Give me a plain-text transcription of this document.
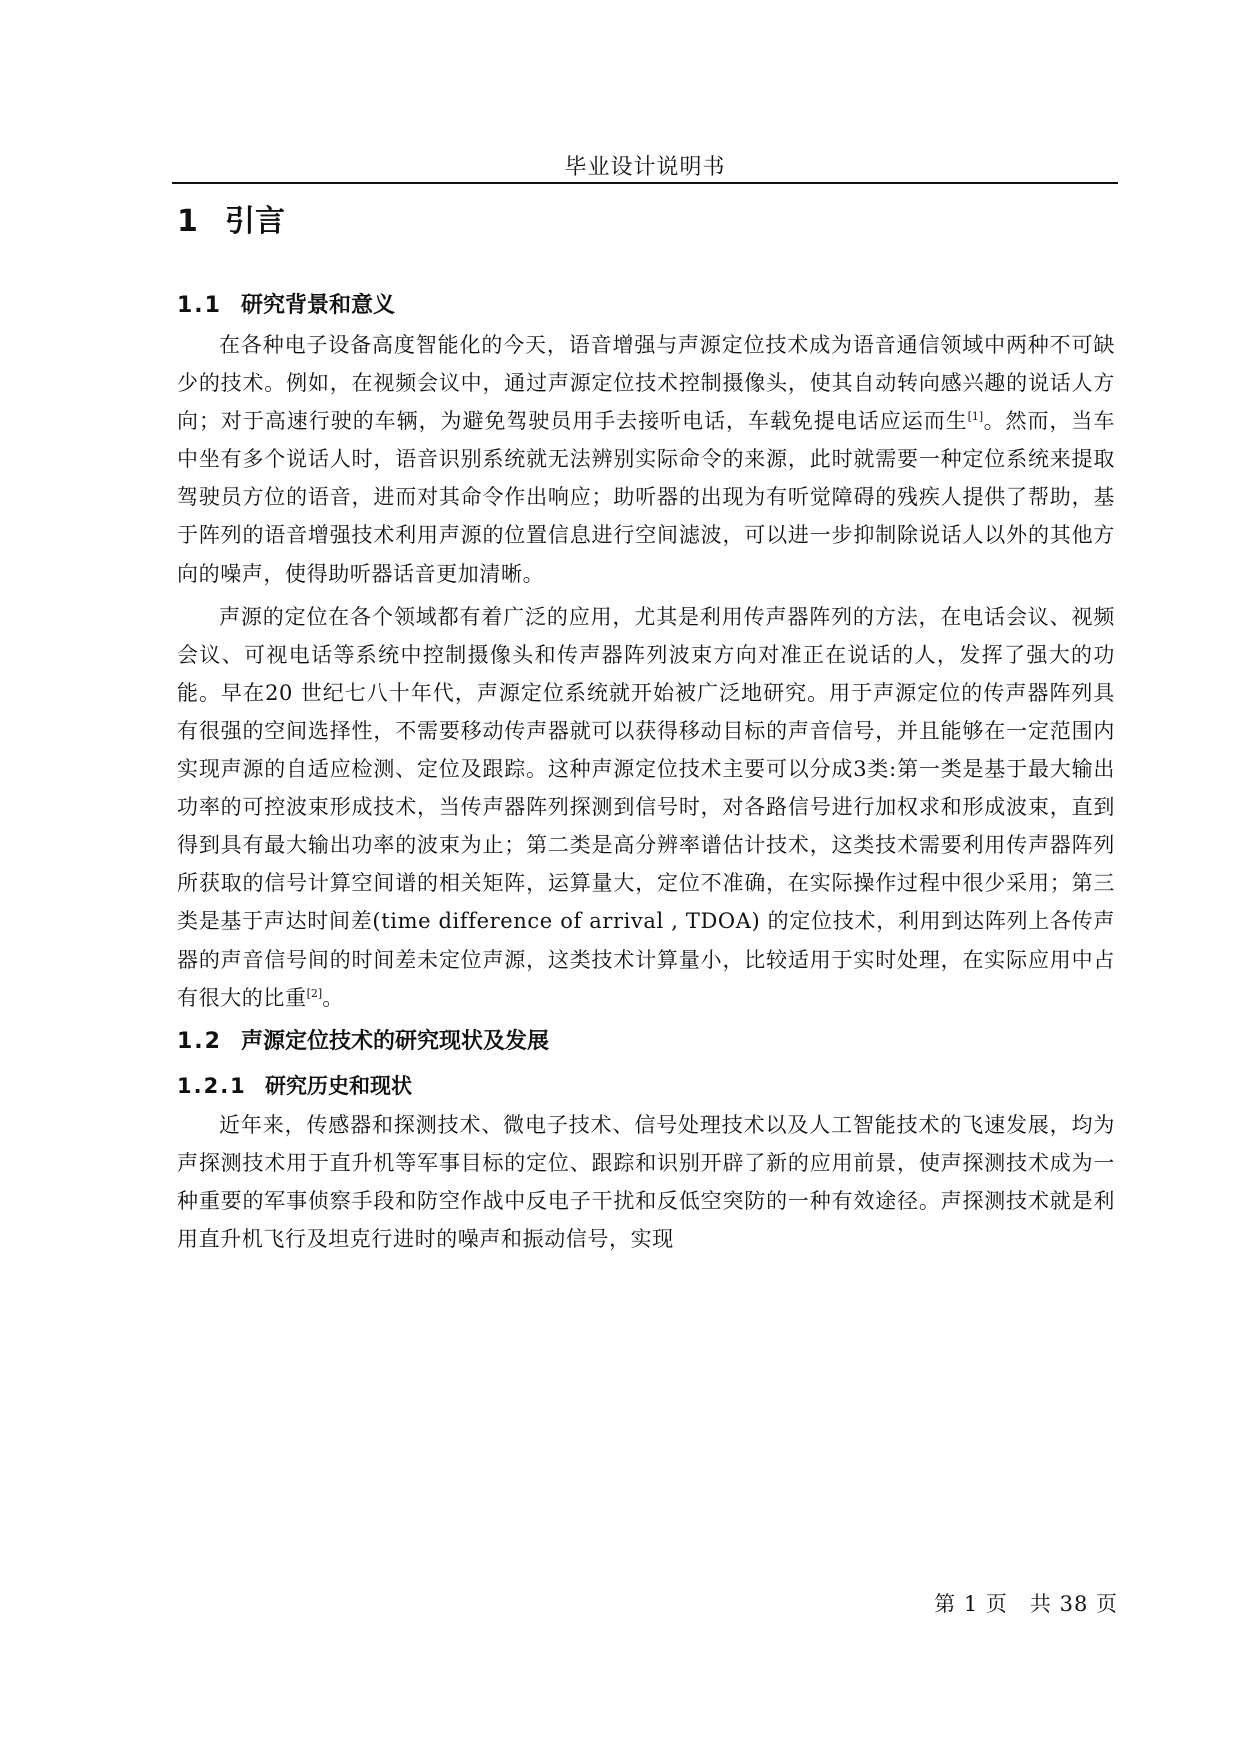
毕业设计说明书
1 引言
1.1 研究背景和意义

在各种电子设备高度智能化的今天，语音增强与声源定位技术成为语音通信领域中两种不可缺少的技术。例如，在视频会议中，通过声源定位技术控制摄像头，使其自动转向感兴趣的说话人方向；对于高速行驶的车辆，为避免驾驶员用手去接听电话，车载免提电话应运而生[1]。然而，当车中坐有多个说话人时，语音识别系统就无法辨别实际命令的来源，此时就需要一种定位系统来提取驾驶员方位的语音，进而对其命令作出响应；助听器的出现为有听觉障碍的残疾人提供了帮助，基于阵列的语音增强技术利用声源的位置信息进行空间滤波，可以进一步抑制除说话人以外的其他方向的噪声，使得助听器话音更加清晰。

声源的定位在各个领域都有着广泛的应用，尤其是利用传声器阵列的方法，在电话会议、视频会议、可视电话等系统中控制摄像头和传声器阵列波束方向对准正在说话的人，发挥了强大的功能。早在20 世纪七八十年代，声源定位系统就开始被广泛地研究。用于声源定位的传声器阵列具有很强的空间选择性，不需要移动传声器就可以获得移动目标的声音信号，并且能够在一定范围内实现声源的自适应检测、定位及跟踪。这种声源定位技术主要可以分成3类:第一类是基于最大输出功率的可控波束形成技术，当传声器阵列探测到信号时，对各路信号进行加权求和形成波束，直到得到具有最大输出功率的波束为止；第二类是高分辨率谱估计技术，这类技术需要利用传声器阵列所获取的信号计算空间谱的相关矩阵，运算量大，定位不准确，在实际操作过程中很少采用；第三类是基于声达时间差(time difference of arrival , TDOA) 的定位技术，利用到达阵列上各传声器的声音信号间的时间差未定位声源，这类技术计算量小，比较适用于实时处理，在实际应用中占有很大的比重[2]。

1.2 声源定位技术的研究现状及发展
1.2.1 研究历史和现状

近年来，传感器和探测技术、微电子技术、信号处理技术以及人工智能技术的飞速发展，均为声探测技术用于直升机等军事目标的定位、跟踪和识别开辟了新的应用前景，使声探测技术成为一种重要的军事侦察手段和防空作战中反电子干扰和反低空突防的一种有效途径。声探测技术就是利用直升机飞行及坦克行进时的噪声和振动信号，实现

第 1 页　共 38 页
